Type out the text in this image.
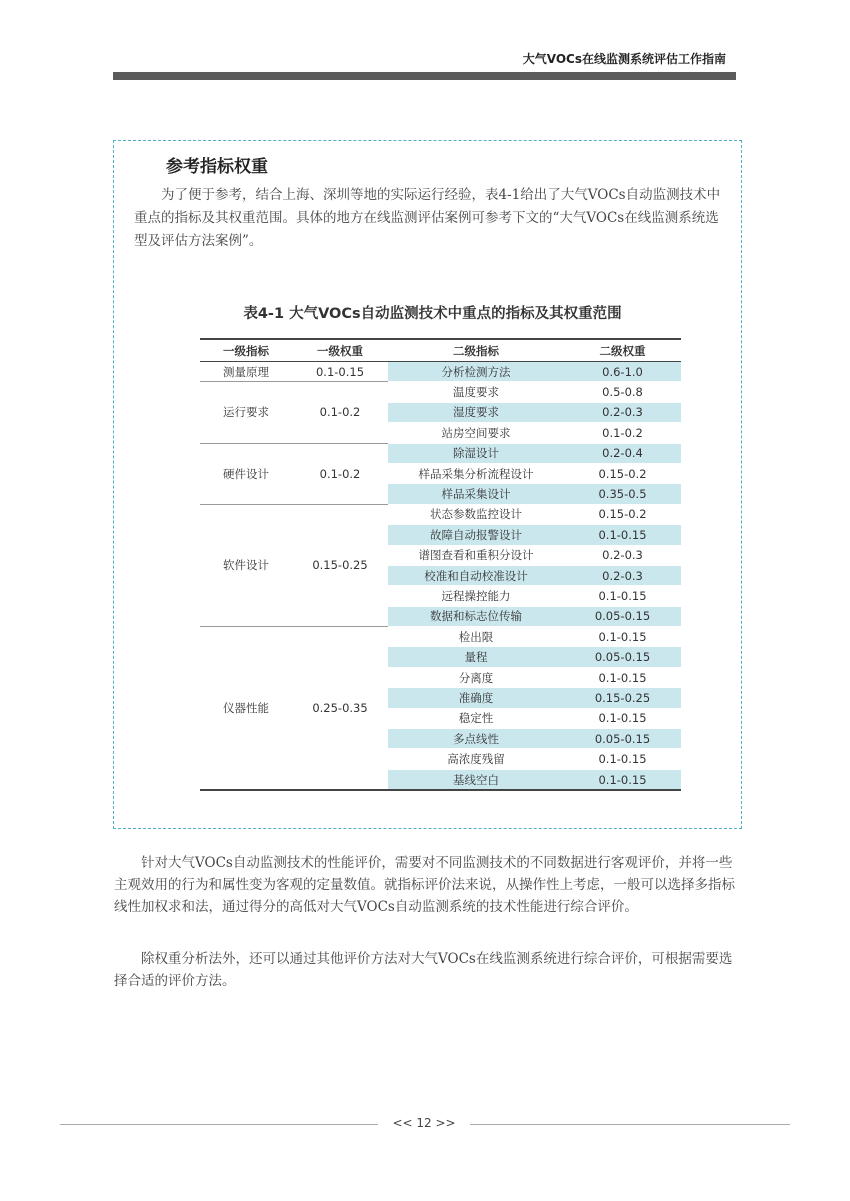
大气VOCs在线监测系统评估工作指南
参考指标权重

为了便于参考，结合上海、深圳等地的实际运行经验，表4-1给出了大气VOCs自动监测技术中重点的指标及其权重范围。具体的地方在线监测评估案例可参考下文的“大气VOCs在线监测系统选型及评估方法案例”。

表4-1 大气VOCs自动监测技术中重点的指标及其权重范围
一级指标	一级权重	二级指标	二级权重
测量原理	0.1-0.15	分析检测方法	0.6-1.0
运行要求	0.1-0.2	温度要求	0.5-0.8
		湿度要求	0.2-0.3
		站房空间要求	0.1-0.2
硬件设计	0.1-0.2	除湿设计	0.2-0.4
		样品采集分析流程设计	0.15-0.2
		样品采集设计	0.35-0.5
软件设计	0.15-0.25	状态参数监控设计	0.15-0.2
		故障自动报警设计	0.1-0.15
		谱图查看和重积分设计	0.2-0.3
		校准和自动校准设计	0.2-0.3
		远程操控能力	0.1-0.15
		数据和标志位传输	0.05-0.15
仪器性能	0.25-0.35	检出限	0.1-0.15
		量程	0.05-0.15
		分离度	0.1-0.15
		准确度	0.15-0.25
		稳定性	0.1-0.15
		多点线性	0.05-0.15
		高浓度残留	0.1-0.15
		基线空白	0.1-0.15

针对大气VOCs自动监测技术的性能评价，需要对不同监测技术的不同数据进行客观评价，并将一些主观效用的行为和属性变为客观的定量数值。就指标评价法来说，从操作性上考虑，一般可以选择多指标线性加权求和法，通过得分的高低对大气VOCs自动监测系统的技术性能进行综合评价。

除权重分析法外，还可以通过其他评价方法对大气VOCs在线监测系统进行综合评价，可根据需要选择合适的评价方法。

<< 12 >>
